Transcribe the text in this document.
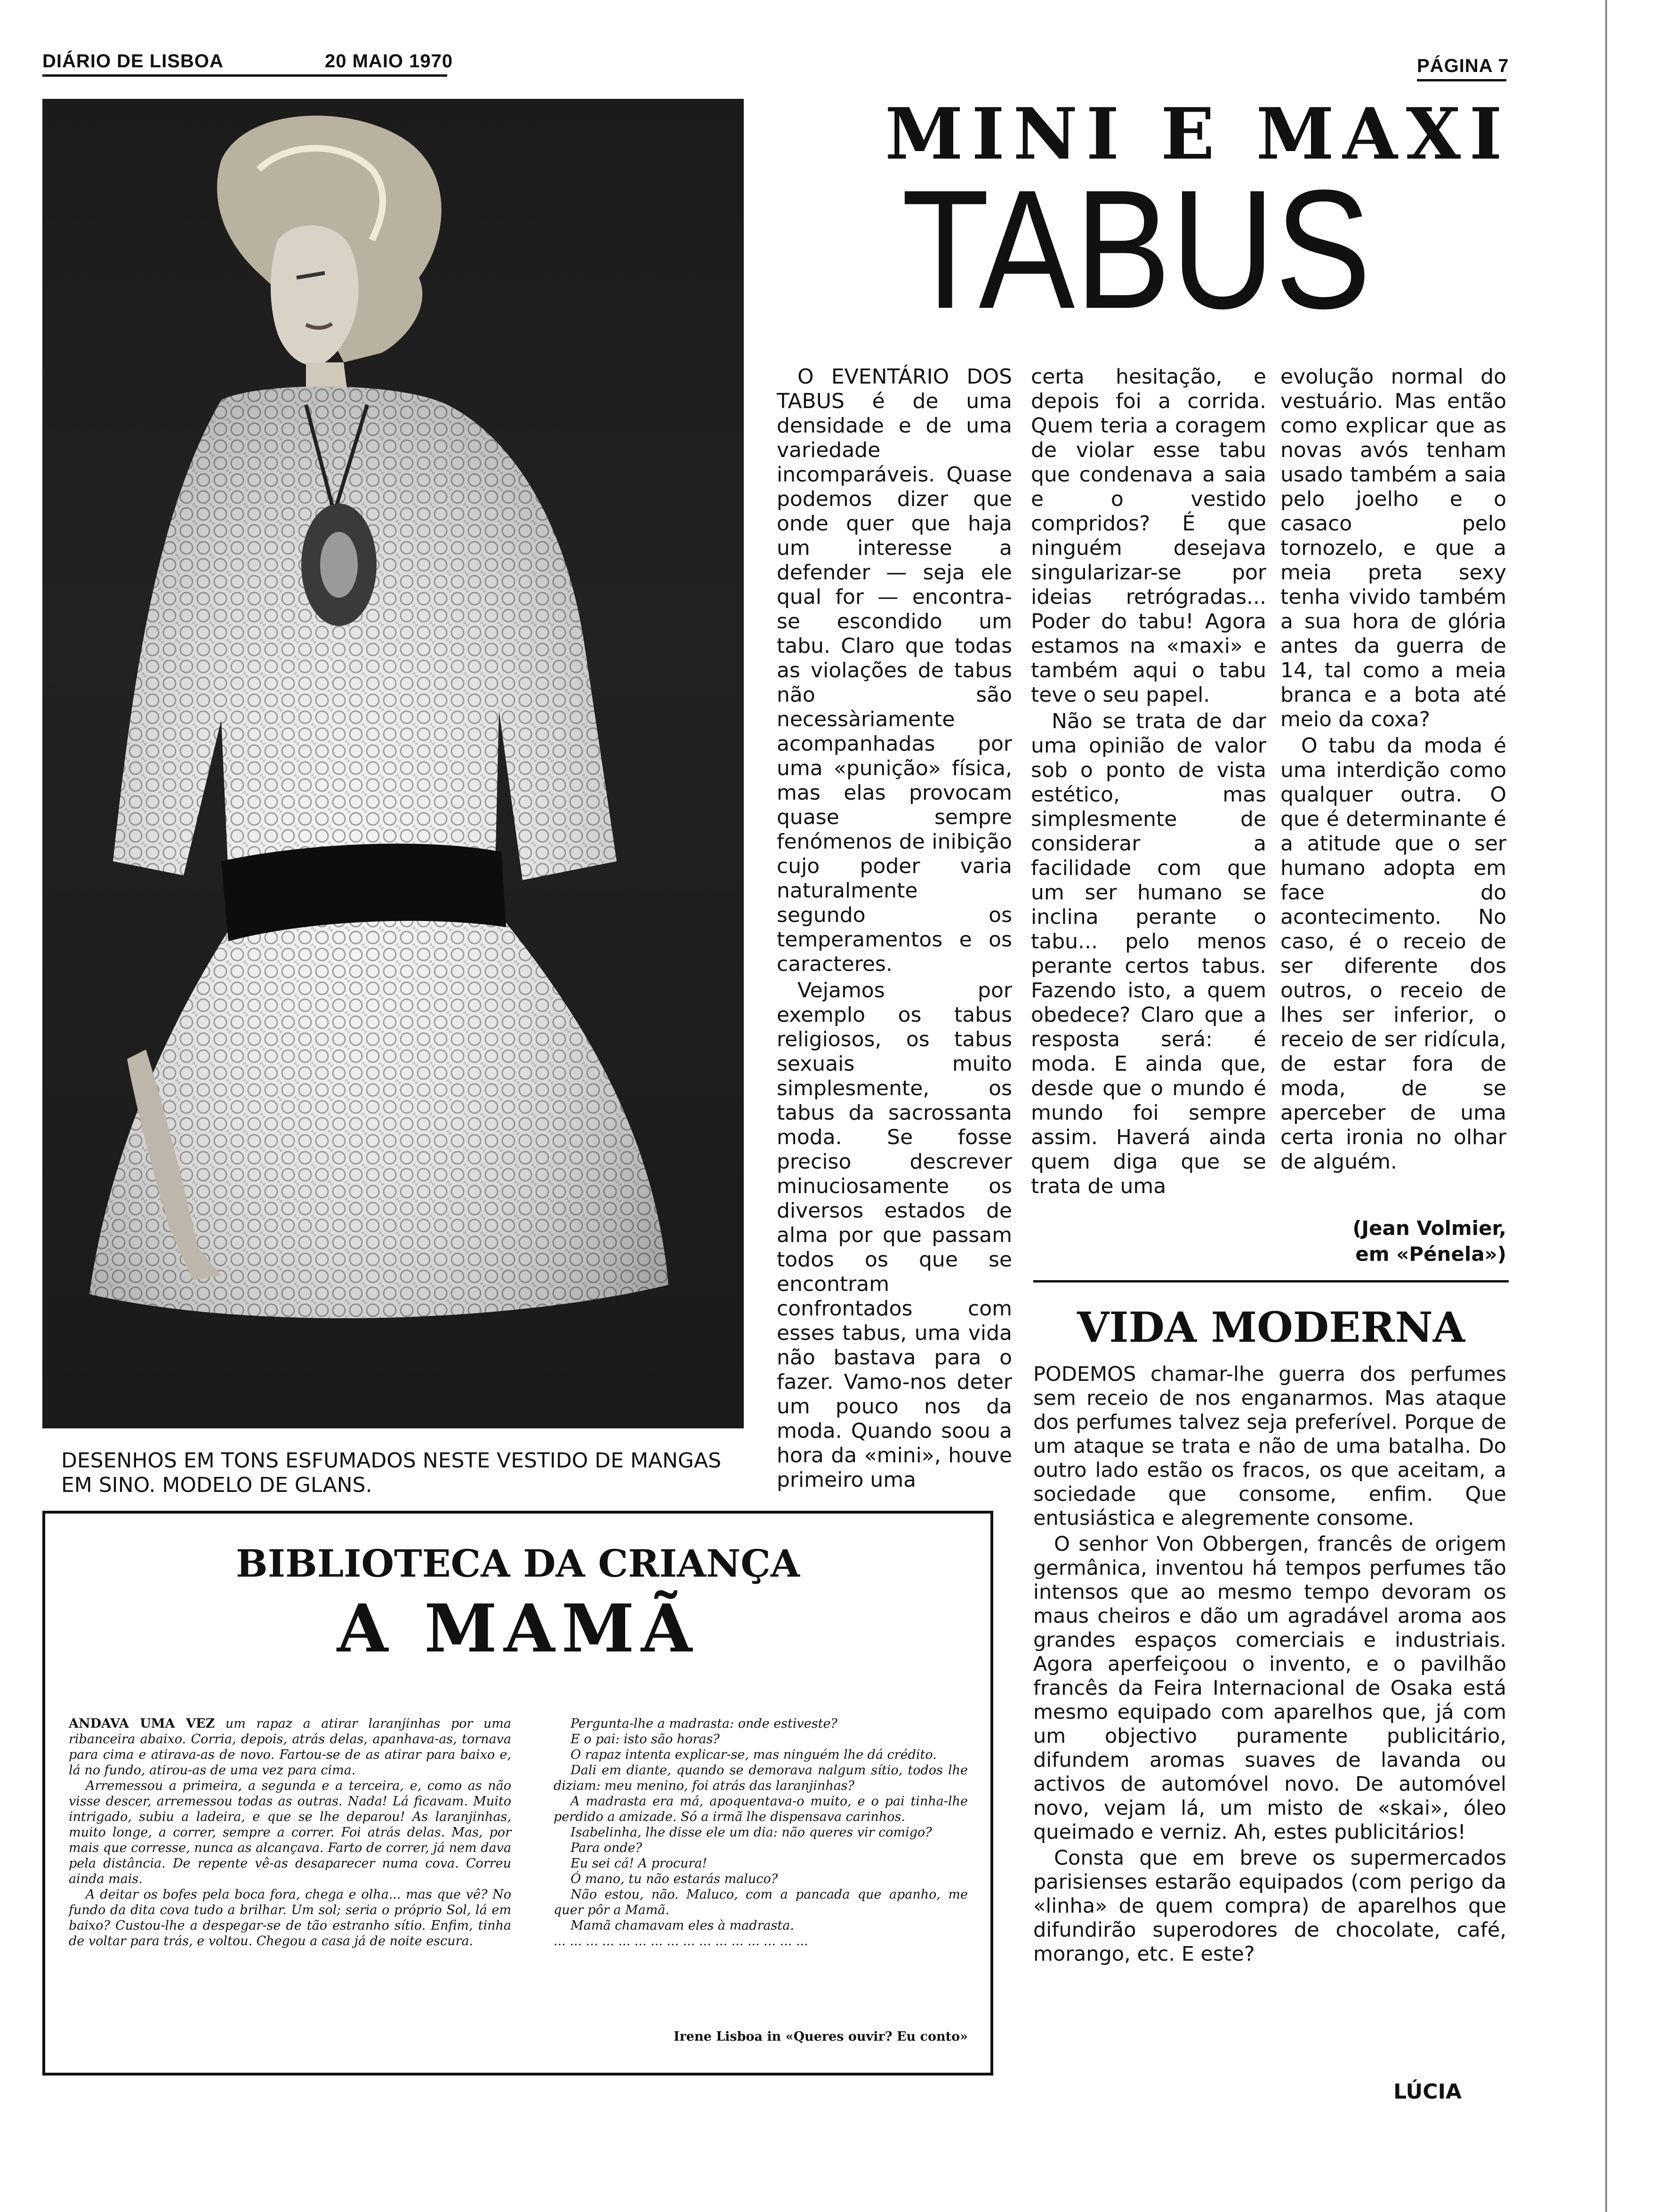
DIÁRIO DE LISBOA	20 MAIO 1970	PÁGINA 7
MINI E MAXI
TABUS
DESENHOS EM TONS ESFUMADOS NESTE VESTIDO DE MANGAS EM SINO. MODELO DE GLANS.

O EVENTÁRIO DOS TABUS é de uma densidade e de uma variedade incomparáveis. Quase podemos dizer que onde quer que haja um interesse a defender — seja ele qual for — encontra-se escondido um tabu. Claro que todas as violações de tabus não são necessàriamente acompanhadas por uma «punição» física, mas elas provocam quase sempre fenómenos de inibição cujo poder varia naturalmente segundo os temperamentos e os caracteres.

Vejamos por exemplo os tabus religiosos, os tabus sexuais muito simplesmente, os tabus da sacrossanta moda. Se fosse preciso descrever minuciosamente os diversos estados de alma por que passam todos os que se encontram confrontados com esses tabus, uma vida não bastava para o fazer. Vamo-nos deter um pouco nos da moda. Quando soou a hora da «mini», houve primeiro uma

certa hesitação, e depois foi a corrida. Quem teria a coragem de violar esse tabu que condenava a saia e o vestido compridos? É que ninguém desejava singularizar-se por ideias retrógradas... Poder do tabu! Agora estamos na «maxi» e também aqui o tabu teve o seu papel.

Não se trata de dar uma opinião de valor sob o ponto de vista estético, mas simplesmente de considerar a facilidade com que um ser humano se inclina perante o tabu... pelo menos perante certos tabus. Fazendo isto, a quem obedece? Claro que a resposta será: é moda. E ainda que, desde que o mundo é mundo foi sempre assim. Haverá ainda quem diga que se trata de uma

evolução normal do vestuário. Mas então como explicar que as novas avós tenham usado também a saia pelo joelho e o casaco pelo tornozelo, e que a meia preta sexy tenha vivido também a sua hora de glória antes da guerra de 14, tal como a meia branca e a bota até meio da coxa?

O tabu da moda é uma interdição como qualquer outra. O que é determinante é a atitude que o ser humano adopta em face do acontecimento. No caso, é o receio de ser diferente dos outros, o receio de lhes ser inferior, o receio de ser ridícula, de estar fora de moda, de se aperceber de uma certa ironia no olhar de alguém.

(Jean Volmier,
em «Pénela»)
VIDA MODERNA

PODEMOS chamar-lhe guerra dos perfumes sem receio de nos enganarmos. Mas ataque dos perfumes talvez seja preferível. Porque de um ataque se trata e não de uma batalha. Do outro lado estão os fracos, os que aceitam, a sociedade que consome, enfim. Que entusiástica e alegremente consome.

O senhor Von Obbergen, francês de origem germânica, inventou há tempos perfumes tão intensos que ao mesmo tempo devoram os maus cheiros e dão um agradável aroma aos grandes espaços comerciais e industriais. Agora aperfeiçoou o invento, e o pavilhão francês da Feira Internacional de Osaka está mesmo equipado com aparelhos que, já com um objectivo puramente publicitário, difundem aromas suaves de lavanda ou activos de automóvel novo. De automóvel novo, vejam lá, um misto de «skai», óleo queimado e verniz. Ah, estes publicitários!

Consta que em breve os supermercados parisienses estarão equipados (com perigo da «linha» de quem compra) de aparelhos que difundirão superodores de chocolate, café, morango, etc. E este?

LÚCIA
BIBLIOTECA DA CRIANÇA
A MAMÃ

ANDAVA UMA VEZ um rapaz a atirar laranjinhas por uma ribanceira abaixo. Corria, depois, atrás delas, apanhava-as, tornava para cima e atirava-as de novo. Fartou-se de as atirar para baixo e, lá no fundo, atirou-as de uma vez para cima.

Arremessou a primeira, a segunda e a terceira, e, como as não visse descer, arremessou todas as outras. Nada! Lá ficavam. Muito intrigado, subiu a ladeira, e que se lhe deparou! As laranjinhas, muito longe, a correr, sempre a correr. Foi atrás delas. Mas, por mais que corresse, nunca as alcançava. Farto de correr, já nem dava pela distância. De repente vê-as desaparecer numa cova. Correu ainda mais.

A deitar os bofes pela boca fora, chega e olha... mas que vê? No fundo da dita cova tudo a brilhar. Um sol; seria o próprio Sol, lá em baixo? Custou-lhe a despegar-se de tão estranho sítio. Enfim, tinha de voltar para trás, e voltou. Chegou a casa já de noite escura.

Pergunta-lhe a madrasta: onde estiveste?

E o pai: isto são horas?

O rapaz intenta explicar-se, mas ninguém lhe dá crédito.

Dali em diante, quando se demorava nalgum sítio, todos lhe diziam: meu menino, foi atrás das laranjinhas?

A madrasta era má, apoquentava-o muito, e o pai tinha-lhe perdido a amizade. Só a irmã lhe dispensava carinhos.

Isabelinha, lhe disse ele um dia: não queres vir comigo?

Para onde?

Eu sei cá! A procura!

Ó mano, tu não estarás maluco?

Não estou, não. Maluco, com a pancada que apanho, me quer pôr a Mamã.

Mamã chamavam eles à madrasta.

... ... ... ... ... ... ... ... ... ... ... ... ... ... ... ...

Irene Lisboa in «Queres ouvir? Eu conto»
